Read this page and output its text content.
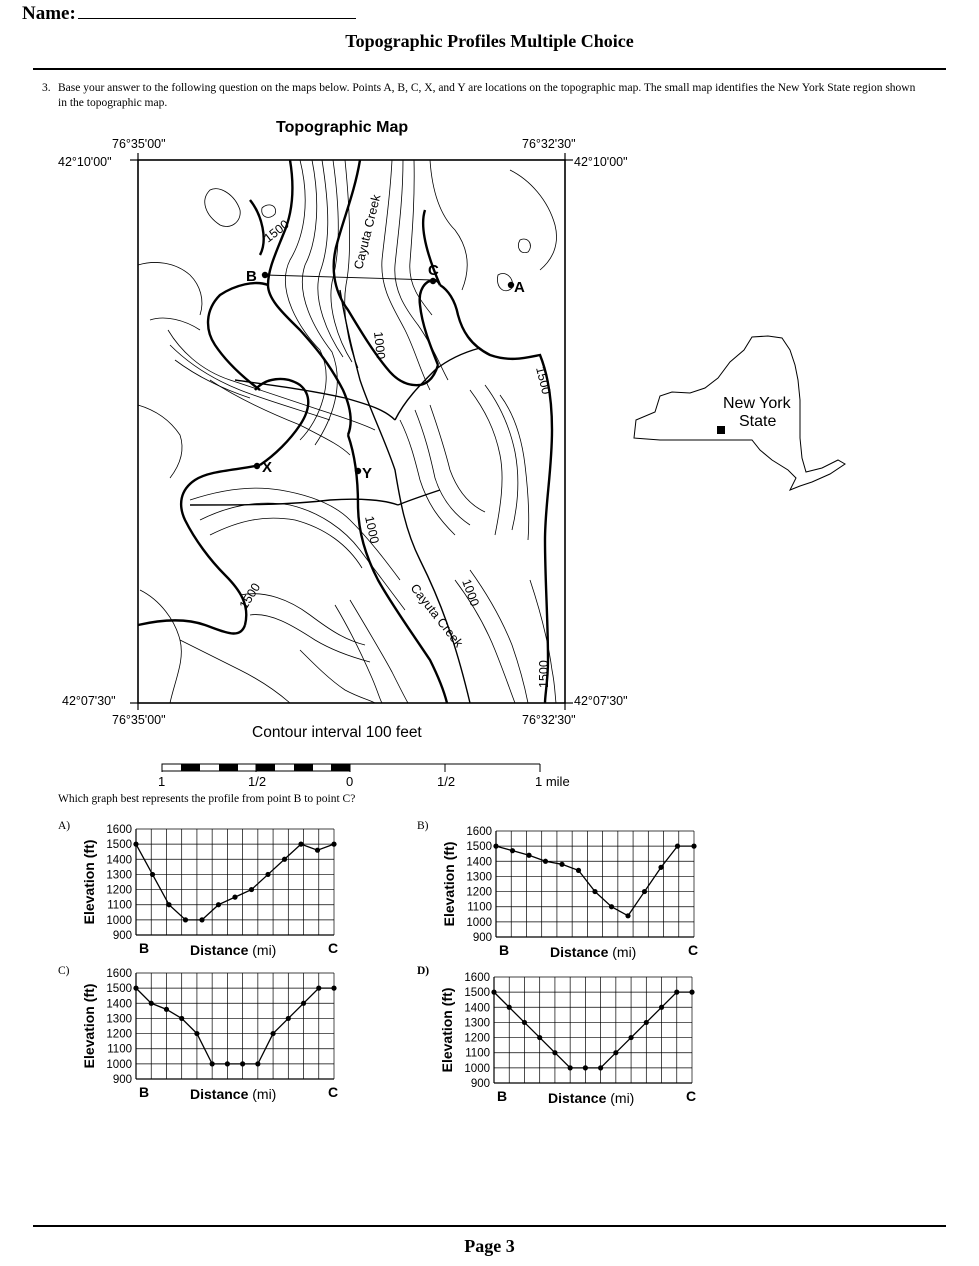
Name:
Topographic Profiles Multiple Choice
3. Base your answer to the following question on the maps below. Points A, B, C, X, and Y are locations on the topographic map. The small map identifies the New York State region shown in the topographic map.
Topographic Map
76°35'00"	76°32'30"
42°10'00"	42°10'00"
42°07'30"	42°07'30"
76°35'00"	76°32'30"
B	C
A
X	Y
1500
1000
1500
1000
1500	1000
1500
Cayuta Creek
Cayuta Creek
New York
State
1	1/2	0	1/2	1 mile
Contour interval 100 feet
Which graph best represents the profile from point B to point C?
A)	B)
C)	D)
1600
1500
1400
1300
1200
1100
1000
900
Elevation (ft)
B	C
Distance (mi)
1600
1500
1400
1300
1200
1100
1000
900
Elevation (ft)
B	C
Distance (mi)
1600
1500
1400
1300
1200
1100
1000
900
Elevation (ft)
B	C
Distance (mi)
1600
1500
1400
1300
1200
1100
1000
900
Elevation (ft)
B	C
Distance (mi)
Page 3
